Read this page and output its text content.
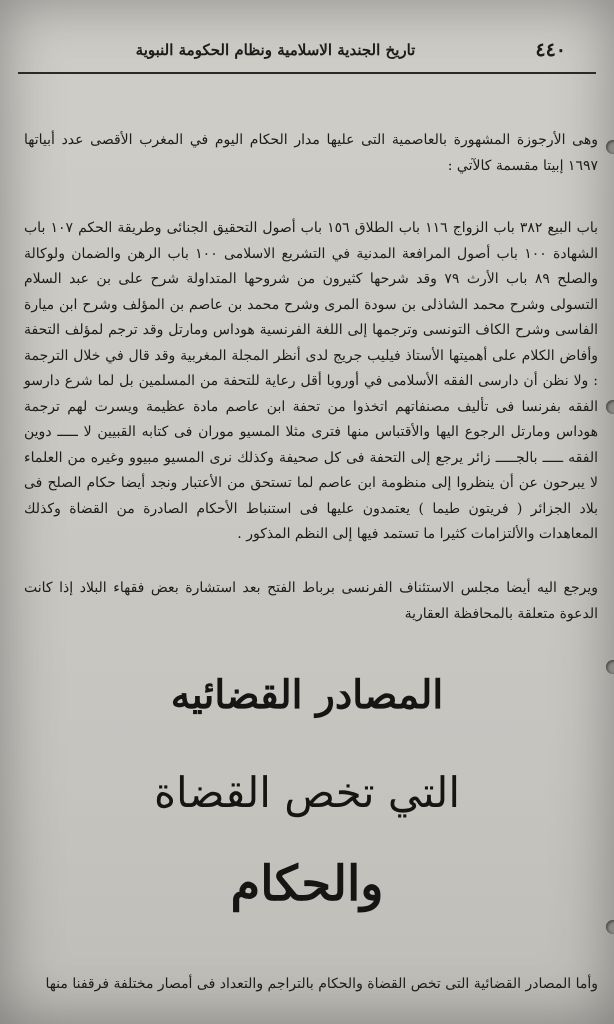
٤٤٠
تاريخ الجندية الاسلامية ونظام الحكومة النبوية

وهى الأرجوزة المشهورة بالعاصمية التى عليها مدار الحكام اليوم في المغرب الأقصى عدد أبياتها ١٦٩٧ إبيتا مقسمة كالآتي :

باب البيع ٣٨٢ باب الزواج ١١٦ باب الطلاق ١٥٦ باب أصول التحقيق الجنائى وطريقة الحكم ١٠٧ باب الشهادة ١٠٠ باب أصول المرافعة المدنية في التشريع الاسلامى ١٠٠ باب الرهن والضمان ولوكالة والصلح ٨٩ باب الأرث ٧٩ وقد شرحها كثيرون من شروحها المتداولة شرح على بن عبد السلام التسولى وشرح محمد الشاذلى بن سودة المرى وشرح محمد بن عاصم بن المؤلف وشرح ابن ميارة الفاسى وشرح الكاف التونسى وترجمها إلى اللغة الفرنسية هوداس ومارتل وقد ترجم لمؤلف التحفة وأفاض الكلام على أهميتها الأستاذ فيليب جريج لدى أنظر المجلة المغربية وقد قال في خلال الترجمة : ولا نظن أن دارسى الفقه الأسلامى في أوروبا أقل رعاية للتحفة من المسلمين بل لما شرع دارسو الفقه بفرنسا فى تأليف مصنفاتهم اتخذوا من تحفة ابن عاصم مادة عظيمة ويسرت لهم ترجمة هوداس ومارتل الرجوع اليها والأقتباس منها فترى مثلا المسيو موران فى كتابه القبيين لا ـــــ دوين الفقه ـــــ بالجـــــ زائر يرجع إلى التحفة فى كل صحيفة وكذلك نرى المسيو مبيوو وغيره من العلماء لا يبرحون عن أن ينظروا إلى منظومة ابن عاصم لما تستحق من الأعتبار ونجد أيضا حكام الصلح فى بلاد الجزائر ( فريتون طيما ) يعتمدون عليها فى استنباط الأحكام الصادرة من القضاة وكذلك المعاهدات والألتزامات كثيرا ما تستمد فيها إلى النظم المذكور .

ويرجع اليه أيضا مجلس الاستئناف الفرنسى برباط الفتح بعد استشارة بعض فقهاء البلاد إذا كانت الدعوة متعلقة بالمحافظة العقارية

المصادر القضائيه
التي تخص القضاة
والحكام

وأما المصادر القضائية التى تخص القضاة والحكام بالتراجم والتعداد فى أمصار مختلفة فرقفنا منها
